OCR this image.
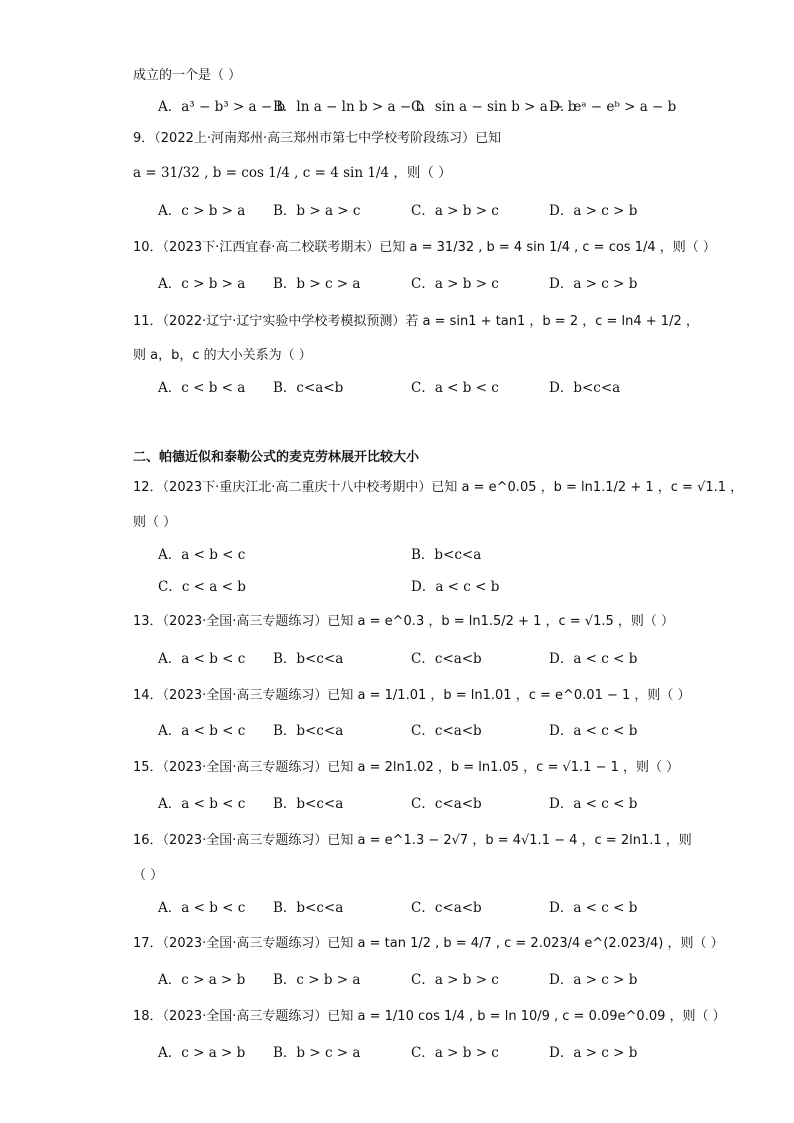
成立的一个是（ ）
A．a³ − b³ > a − b
B．ln a − ln b > a − b
C．sin a − sin b > a − b
D．eᵃ − eᵇ > a − b
9．（2022上·河南郑州·高三郑州市第七中学校考阶段练习）已知
a = 31/32 , b = cos 1/4 , c = 4 sin 1/4 ，则（ ）
A．c > b > a B．b > a > c	C．a > b > c	D．a > c > b
10．（2023下·江西宜春·高二校联考期末）已知 a = 31/32 , b = 4 sin 1/4 , c = cos 1/4 ，则（ ）
A．c > b > a B．b > c > a	C．a > b > c	D．a > c > b
11．（2022·辽宁·辽宁实验中学校考模拟预测）若 a = sin1 + tan1 ，b = 2 ，c = ln4 + 1/2 ，
则 a，b，c 的大小关系为（ ）
A．c < b < a B．c<a<b	C．a < b < c	D．b<c<a
二、帕德近似和泰勒公式的麦克劳林展开比较大小
12．（2023下·重庆江北·高二重庆十八中校考期中）已知 a = e^0.05 ，b = ln1.1/2 + 1 ，c = √1.1 ，
则（ ）
A．a < b < c	B．b<c<a
C．c < a < b	D．a < c < b
13．（2023·全国·高三专题练习）已知 a = e^0.3 ，b = ln1.5/2 + 1 ，c = √1.5 ，则（ ）
A．a < b < c B．b<c<a	C．c<a<b	D．a < c < b
14．（2023·全国·高三专题练习）已知 a = 1/1.01 ，b = ln1.01 ，c = e^0.01 − 1 ，则（ ）
A．a < b < c B．b<c<a	C．c<a<b	D．a < c < b
15．（2023·全国·高三专题练习）已知 a = 2ln1.02 ，b = ln1.05 ，c = √1.1 − 1 ，则（ ）
A．a < b < c B．b<c<a	C．c<a<b	D．a < c < b
16．（2023·全国·高三专题练习）已知 a = e^1.3 − 2√7 ，b = 4√1.1 − 4 ，c = 2ln1.1 ，则
（ ）
A．a < b < c B．b<c<a	C．c<a<b	D．a < c < b
17．（2023·全国·高三专题练习）已知 a = tan 1/2 , b = 4/7 , c = 2.023/4 e^(2.023/4) ，则（ ）
A．c > a > b B．c > b > a	C．a > b > c	D．a > c > b
18．（2023·全国·高三专题练习）已知 a = 1/10 cos 1/4 , b = ln 10/9 , c = 0.09e^0.09 ，则（ ）
A．c > a > b B．b > c > a	C．a > b > c	D．a > c > b
